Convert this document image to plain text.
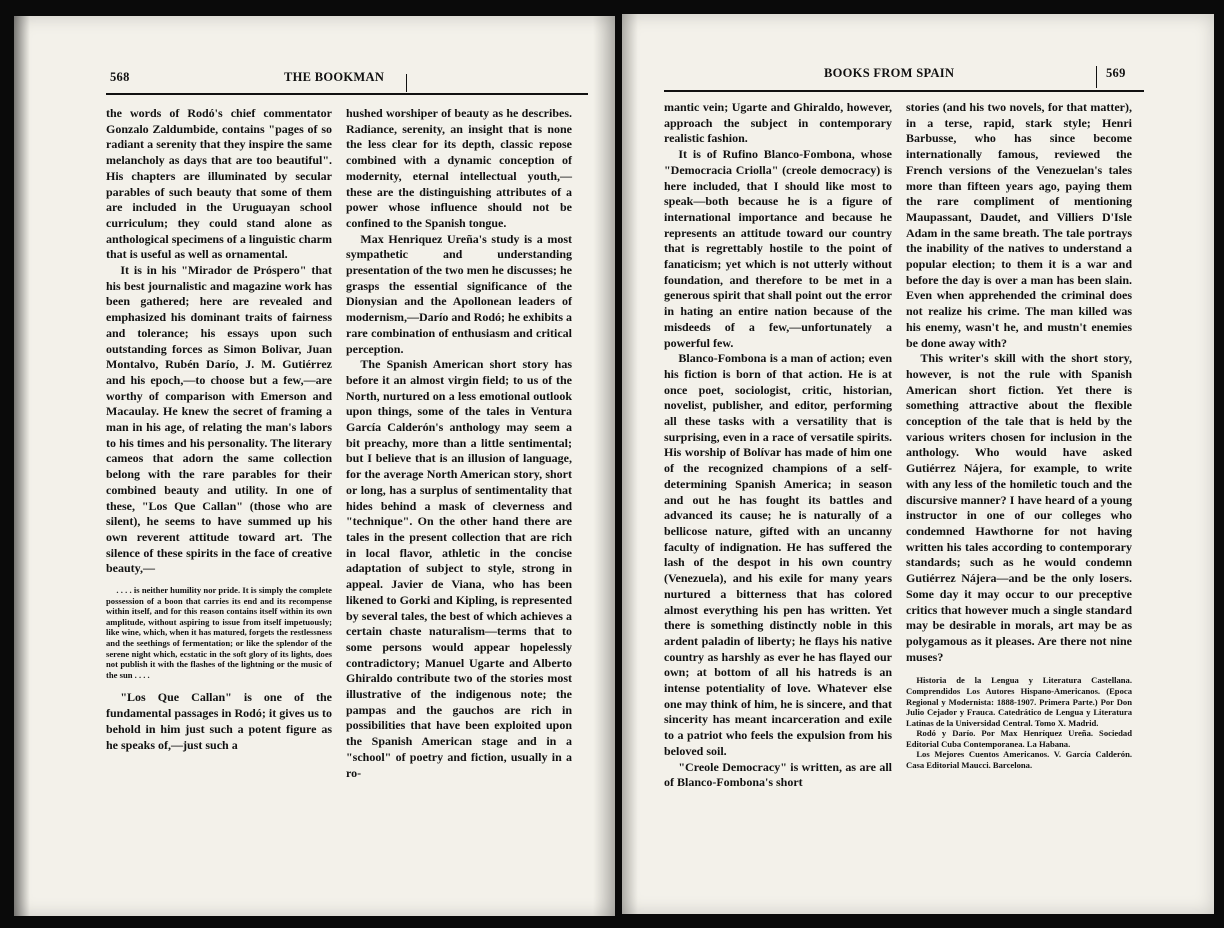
568	THE BOOKMAN

the words of Rodó's chief commentator Gonzalo Zaldumbide, contains "pages of so radiant a serenity that they inspire the same melancholy as days that are too beautiful". His chapters are illuminated by secular parables of such beauty that some of them are included in the Uruguayan school curriculum; they could stand alone as anthological specimens of a linguistic charm that is useful as well as ornamental.

It is in his "Mirador de Próspero" that his best journalistic and magazine work has been gathered; here are revealed and emphasized his dominant traits of fairness and tolerance; his essays upon such outstanding forces as Simon Bolivar, Juan Montalvo, Rubén Darío, J. M. Gutiérrez and his epoch,—to choose but a few,—are worthy of comparison with Emerson and Macaulay. He knew the secret of framing a man in his age, of relating the man's labors to his times and his personality. The literary cameos that adorn the same collection belong with the rare parables for their combined beauty and utility. In one of these, "Los Que Callan" (those who are silent), he seems to have summed up his own reverent attitude toward art. The silence of these spirits in the face of creative beauty,—

. . . . is neither humility nor pride. It is simply the complete possession of a boon that carries its end and its recompense within itself, and for this reason contains itself within its own amplitude, without aspiring to issue from itself impetuously; like wine, which, when it has matured, forgets the restlessness and the seethings of fermentation; or like the splendor of the serene night which, ecstatic in the soft glory of its lights, does not publish it with the flashes of the lightning or the music of the sun . . . .

"Los Que Callan" is one of the fundamental passages in Rodó; it gives us to behold in him just such a potent figure as he speaks of,—just such a

hushed worshiper of beauty as he describes. Radiance, serenity, an insight that is none the less clear for its depth, classic repose combined with a dynamic conception of modernity, eternal intellectual youth,—these are the distinguishing attributes of a power whose influence should not be confined to the Spanish tongue.

Max Henriquez Ureña's study is a most sympathetic and understanding presentation of the two men he discusses; he grasps the essential significance of the Dionysian and the Apollonean leaders of modernism,—Darío and Rodó; he exhibits a rare combination of enthusiasm and critical perception.

The Spanish American short story has before it an almost virgin field; to us of the North, nurtured on a less emotional outlook upon things, some of the tales in Ventura García Calderón's anthology may seem a bit preachy, more than a little sentimental; but I believe that is an illusion of language, for the average North American story, short or long, has a surplus of sentimentality that hides behind a mask of cleverness and "technique". On the other hand there are tales in the present collection that are rich in local flavor, athletic in the concise adaptation of subject to style, strong in appeal. Javier de Viana, who has been likened to Gorki and Kipling, is represented by several tales, the best of which achieves a certain chaste naturalism—terms that to some persons would appear hopelessly contradictory; Manuel Ugarte and Alberto Ghiraldo contribute two of the stories most illustrative of the indigenous note; the pampas and the gauchos are rich in possibilities that have been exploited upon the Spanish American stage and in a "school" of poetry and fiction, usually in a ro-

BOOKS FROM SPAIN	569

mantic vein; Ugarte and Ghiraldo, however, approach the subject in contemporary realistic fashion.

It is of Rufino Blanco-Fombona, whose "Democracia Criolla" (creole democracy) is here included, that I should like most to speak—both because he is a figure of international importance and because he represents an attitude toward our country that is regrettably hostile to the point of fanaticism; yet which is not utterly without foundation, and therefore to be met in a generous spirit that shall point out the error in hating an entire nation because of the misdeeds of a few,—unfortunately a powerful few.

Blanco-Fombona is a man of action; even his fiction is born of that action. He is at once poet, sociologist, critic, historian, novelist, publisher, and editor, performing all these tasks with a versatility that is surprising, even in a race of versatile spirits. His worship of Bolívar has made of him one of the recognized champions of a self-determining Spanish America; in season and out he has fought its battles and advanced its cause; he is naturally of a bellicose nature, gifted with an uncanny faculty of indignation. He has suffered the lash of the despot in his own country (Venezuela), and his exile for many years nurtured a bitterness that has colored almost everything his pen has written. Yet there is something distinctly noble in this ardent paladin of liberty; he flays his native country as harshly as ever he has flayed our own; at bottom of all his hatreds is an intense potentiality of love. Whatever else one may think of him, he is sincere, and that sincerity has meant incarceration and exile to a patriot who feels the expulsion from his beloved soil.

"Creole Democracy" is written, as are all of Blanco-Fombona's short

stories (and his two novels, for that matter), in a terse, rapid, stark style; Henri Barbusse, who has since become internationally famous, reviewed the French versions of the Venezuelan's tales more than fifteen years ago, paying them the rare compliment of mentioning Maupassant, Daudet, and Villiers D'Isle Adam in the same breath. The tale portrays the inability of the natives to understand a popular election; to them it is a war and before the day is over a man has been slain. Even when apprehended the criminal does not realize his crime. The man killed was his enemy, wasn't he, and mustn't enemies be done away with?

This writer's skill with the short story, however, is not the rule with Spanish American short fiction. Yet there is something attractive about the flexible conception of the tale that is held by the various writers chosen for inclusion in the anthology. Who would have asked Gutiérrez Nájera, for example, to write with any less of the homiletic touch and the discursive manner? I have heard of a young instructor in one of our colleges who condemned Hawthorne for not having written his tales according to contemporary standards; such as he would condemn Gutiérrez Nájera—and be the only losers. Some day it may occur to our preceptive critics that however much a single standard may be desirable in morals, art may be as polygamous as it pleases. Are there not nine muses?

Historia de la Lengua y Literatura Castellana. Comprendidos Los Autores Hispano-Americanos. (Epoca Regional y Modernista: 1888-1907. Primera Parte.) Por Don Julio Cejador y Frauca. Catedrático de Lengua y Literatura Latinas de la Universidad Central. Tomo X. Madrid.

Rodó y Darío. Por Max Henríquez Ureña. Sociedad Editorial Cuba Contemporanea. La Habana.

Los Mejores Cuentos Americanos. V. García Calderón. Casa Editorial Maucci. Barcelona.
